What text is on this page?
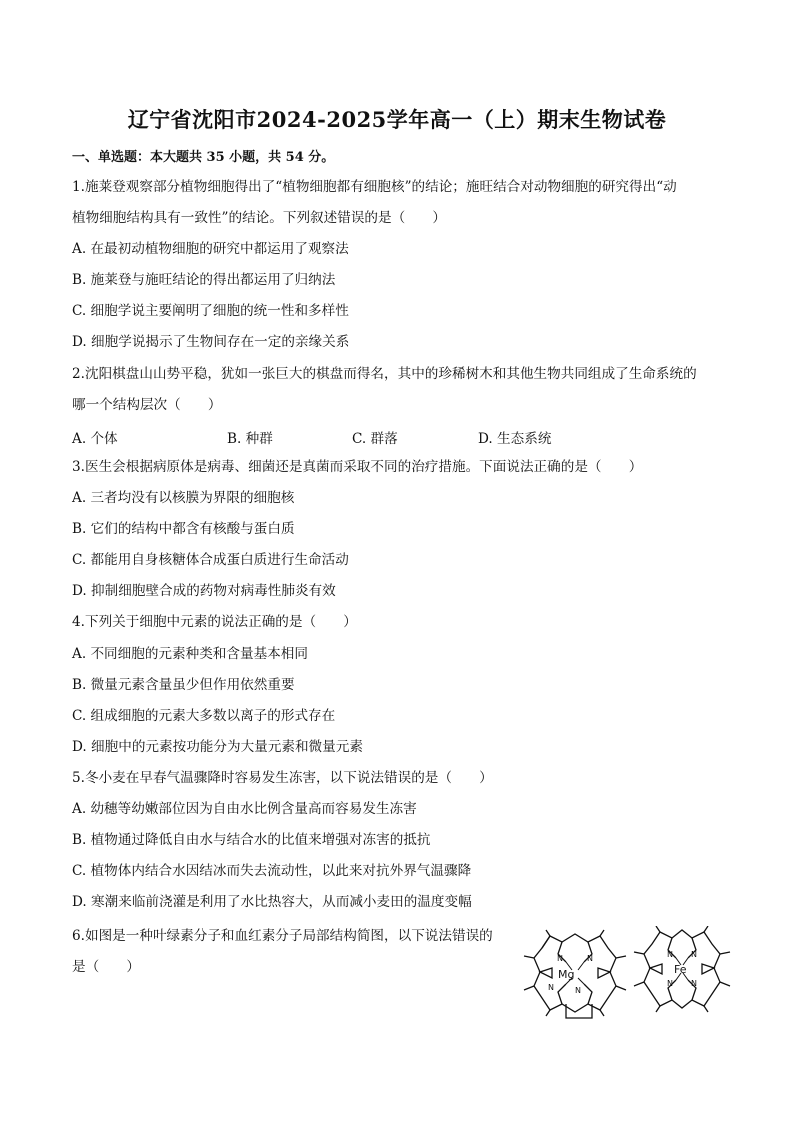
辽宁省沈阳市2024-2025学年高一（上）期末生物试卷
一、单选题：本大题共 35 小题，共 54 分。
1.施莱登观察部分植物细胞得出了“植物细胞都有细胞核”的结论；施旺结合对动物细胞的研究得出“动
植物细胞结构具有一致性”的结论。下列叙述错误的是（　　）
A. 在最初动植物细胞的研究中都运用了观察法
B. 施莱登与施旺结论的得出都运用了归纳法
C. 细胞学说主要阐明了细胞的统一性和多样性
D. 细胞学说揭示了生物间存在一定的亲缘关系
2.沈阳棋盘山山势平稳，犹如一张巨大的棋盘而得名，其中的珍稀树木和其他生物共同组成了生命系统的
哪一个结构层次（　　）
A. 个体	B. 种群	C. 群落	D. 生态系统
3.医生会根据病原体是病毒、细菌还是真菌而采取不同的治疗措施。下面说法正确的是（　　）
A. 三者均没有以核膜为界限的细胞核
B. 它们的结构中都含有核酸与蛋白质
C. 都能用自身核糖体合成蛋白质进行生命活动
D. 抑制细胞壁合成的药物对病毒性肺炎有效
4.下列关于细胞中元素的说法正确的是（　　）
A. 不同细胞的元素种类和含量基本相同
B. 微量元素含量虽少但作用依然重要
C. 组成细胞的元素大多数以离子的形式存在
D. 细胞中的元素按功能分为大量元素和微量元素
5.冬小麦在早春气温骤降时容易发生冻害，以下说法错误的是（　　）
A. 幼穗等幼嫩部位因为自由水比例含量高而容易发生冻害
B. 植物通过降低自由水与结合水的比值来增强对冻害的抵抗
C. 植物体内结合水因结冰而失去流动性，以此来对抗外界气温骤降
D. 寒潮来临前浇灌是利用了水比热容大，从而减小麦田的温度变幅
6.如图是一种叶绿素分子和血红素分子局部结构简图，以下说法错误的
是（　　）
N	N
N	N
Mg
N N
N N
Fe
